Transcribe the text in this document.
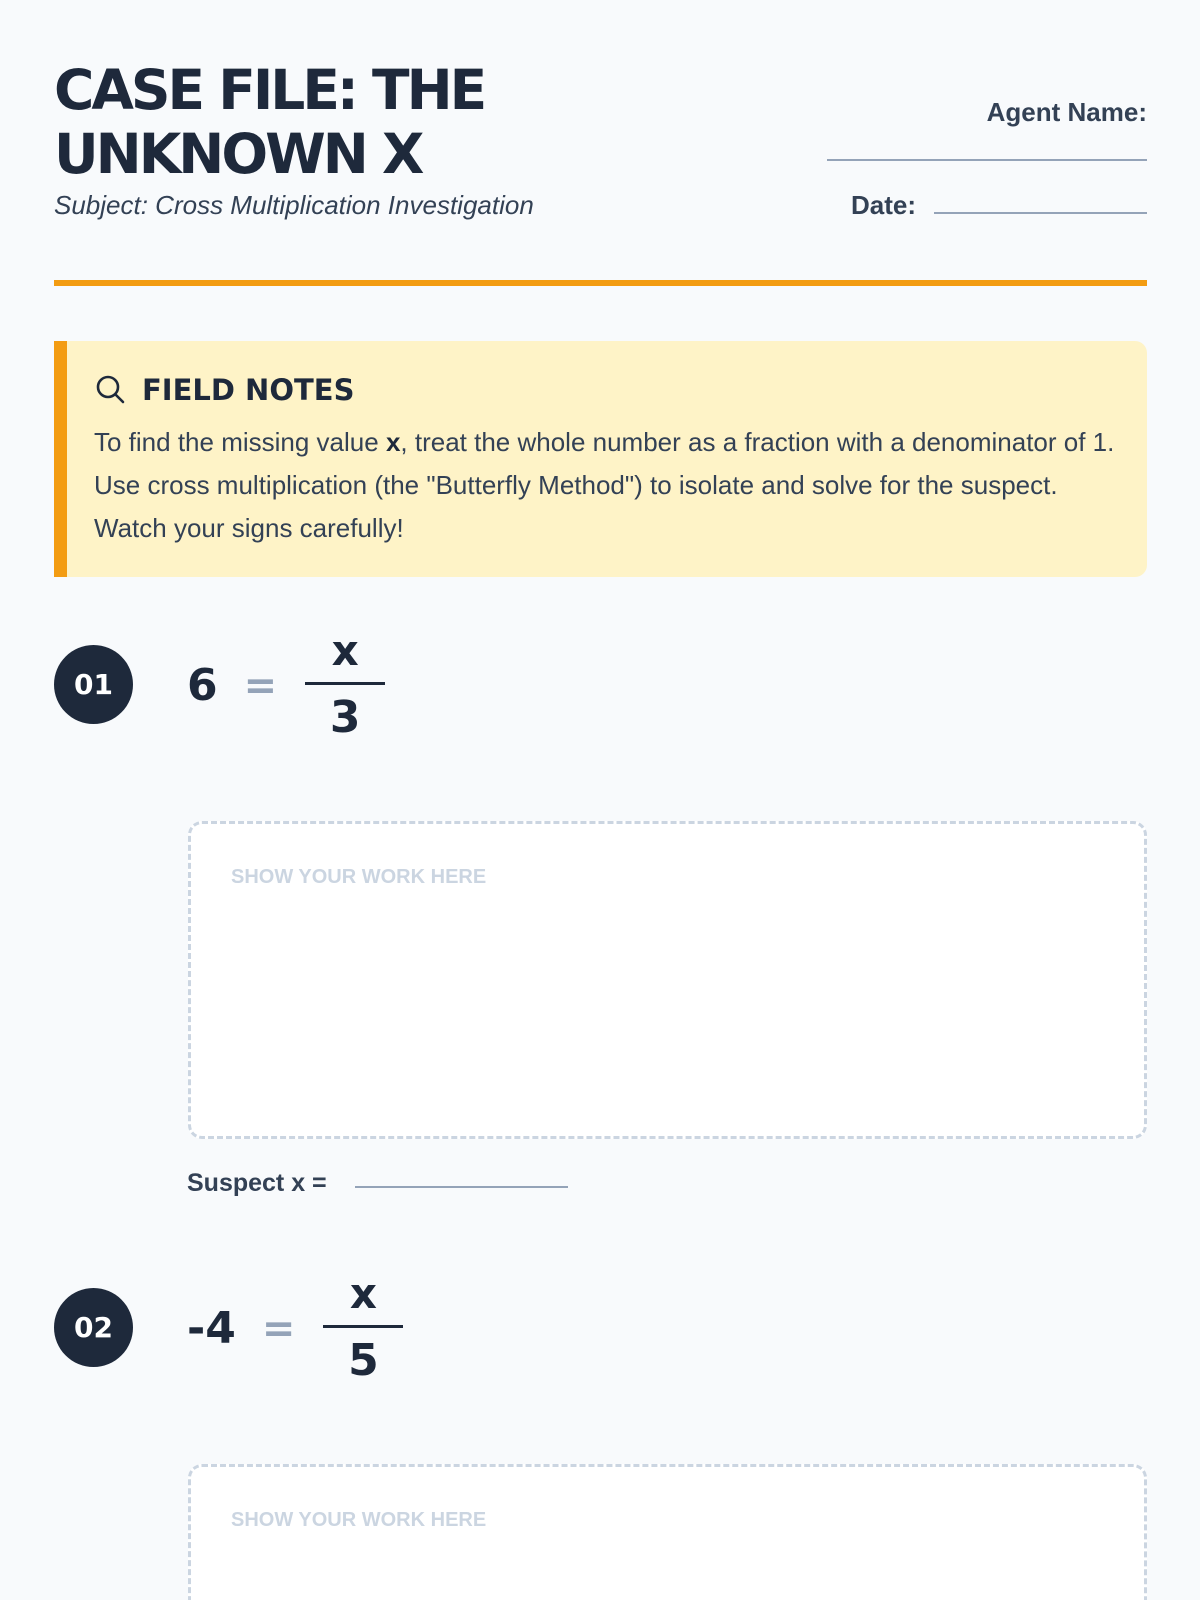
CASE FILE: THE UNKNOWN X
Subject: Cross Multiplication Investigation
Agent Name:
Date:
FIELD NOTES

To find the missing value x, treat the whole number as a fraction with a denominator of 1. Use cross multiplication (the "Butterfly Method") to isolate and solve for the suspect. Watch your signs carefully!

01	$6 = \frac{x}{3}$
SHOW YOUR WORK HERE
Suspect x =
02	$-4 = \frac{x}{5}$
SHOW YOUR WORK HERE
